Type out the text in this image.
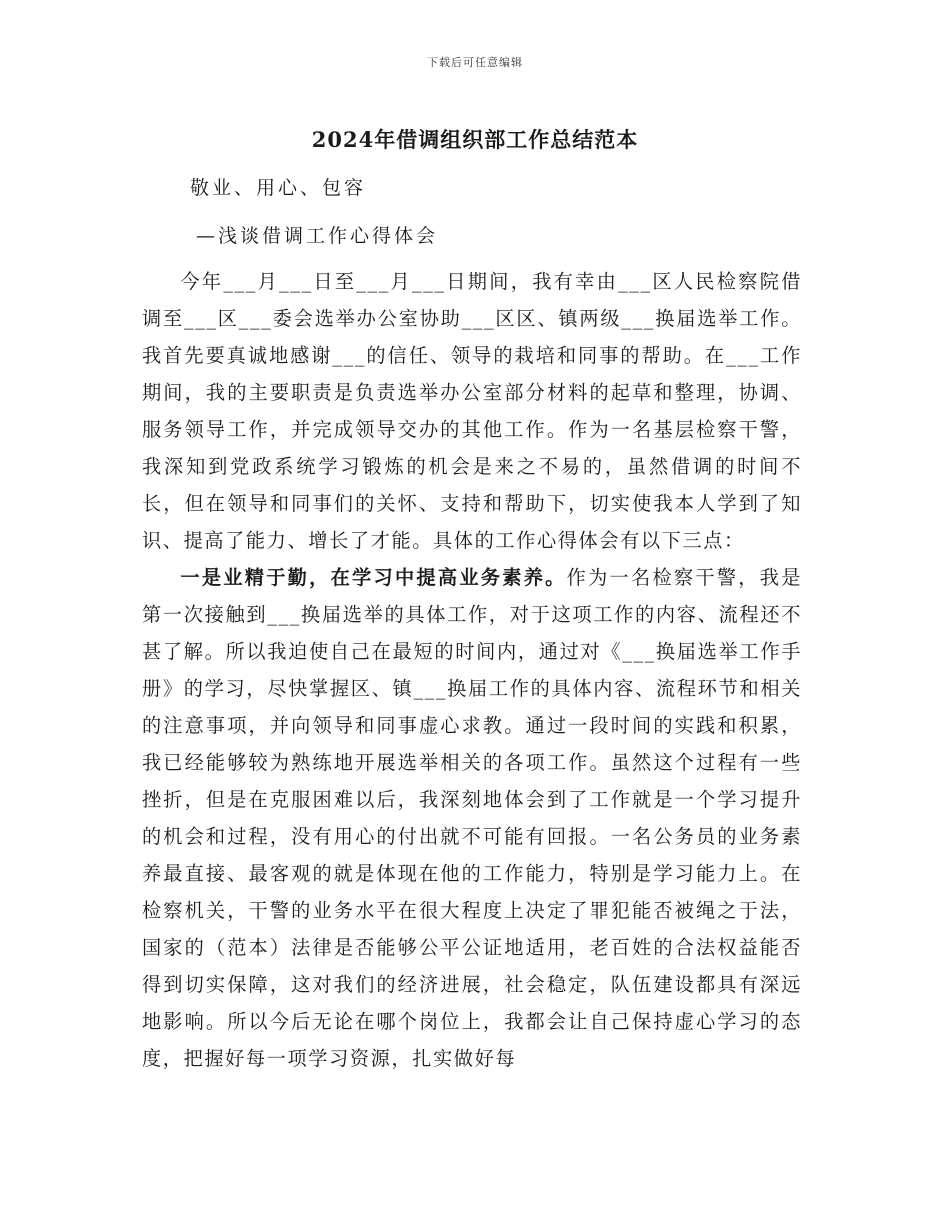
下载后可任意编辑
2024年借调组织部工作总结范本
敬业、用心、包容
—浅谈借调工作心得体会

今年___月___日至___月___日期间，我有幸由___区人民检察院借调至___区___委会选举办公室协助___区区、镇两级___换届选举工作。我首先要真诚地感谢___的信任、领导的栽培和同事的帮助。在___工作期间，我的主要职责是负责选举办公室部分材料的起草和整理，协调、服务领导工作，并完成领导交办的其他工作。作为一名基层检察干警，我深知到党政系统学习锻炼的机会是来之不易的，虽然借调的时间不长，但在领导和同事们的关怀、支持和帮助下，切实使我本人学到了知识、提高了能力、增长了才能。具体的工作心得体会有以下三点：

一是业精于勤，在学习中提高业务素养。作为一名检察干警，我是第一次接触到___换届选举的具体工作，对于这项工作的内容、流程还不甚了解。所以我迫使自己在最短的时间内，通过对《___换届选举工作手册》的学习，尽快掌握区、镇___换届工作的具体内容、流程环节和相关的注意事项，并向领导和同事虚心求教。通过一段时间的实践和积累，我已经能够较为熟练地开展选举相关的各项工作。虽然这个过程有一些挫折，但是在克服困难以后，我深刻地体会到了工作就是一个学习提升的机会和过程，没有用心的付出就不可能有回报。一名公务员的业务素养最直接、最客观的就是体现在他的工作能力，特别是学习能力上。在检察机关，干警的业务水平在很大程度上决定了罪犯能否被绳之于法，国家的（范本）法律是否能够公平公证地适用，老百姓的合法权益能否得到切实保障，这对我们的经济进展，社会稳定，队伍建设都具有深远地影响。所以今后无论在哪个岗位上，我都会让自己保持虚心学习的态度，把握好每一项学习资源，扎实做好每
